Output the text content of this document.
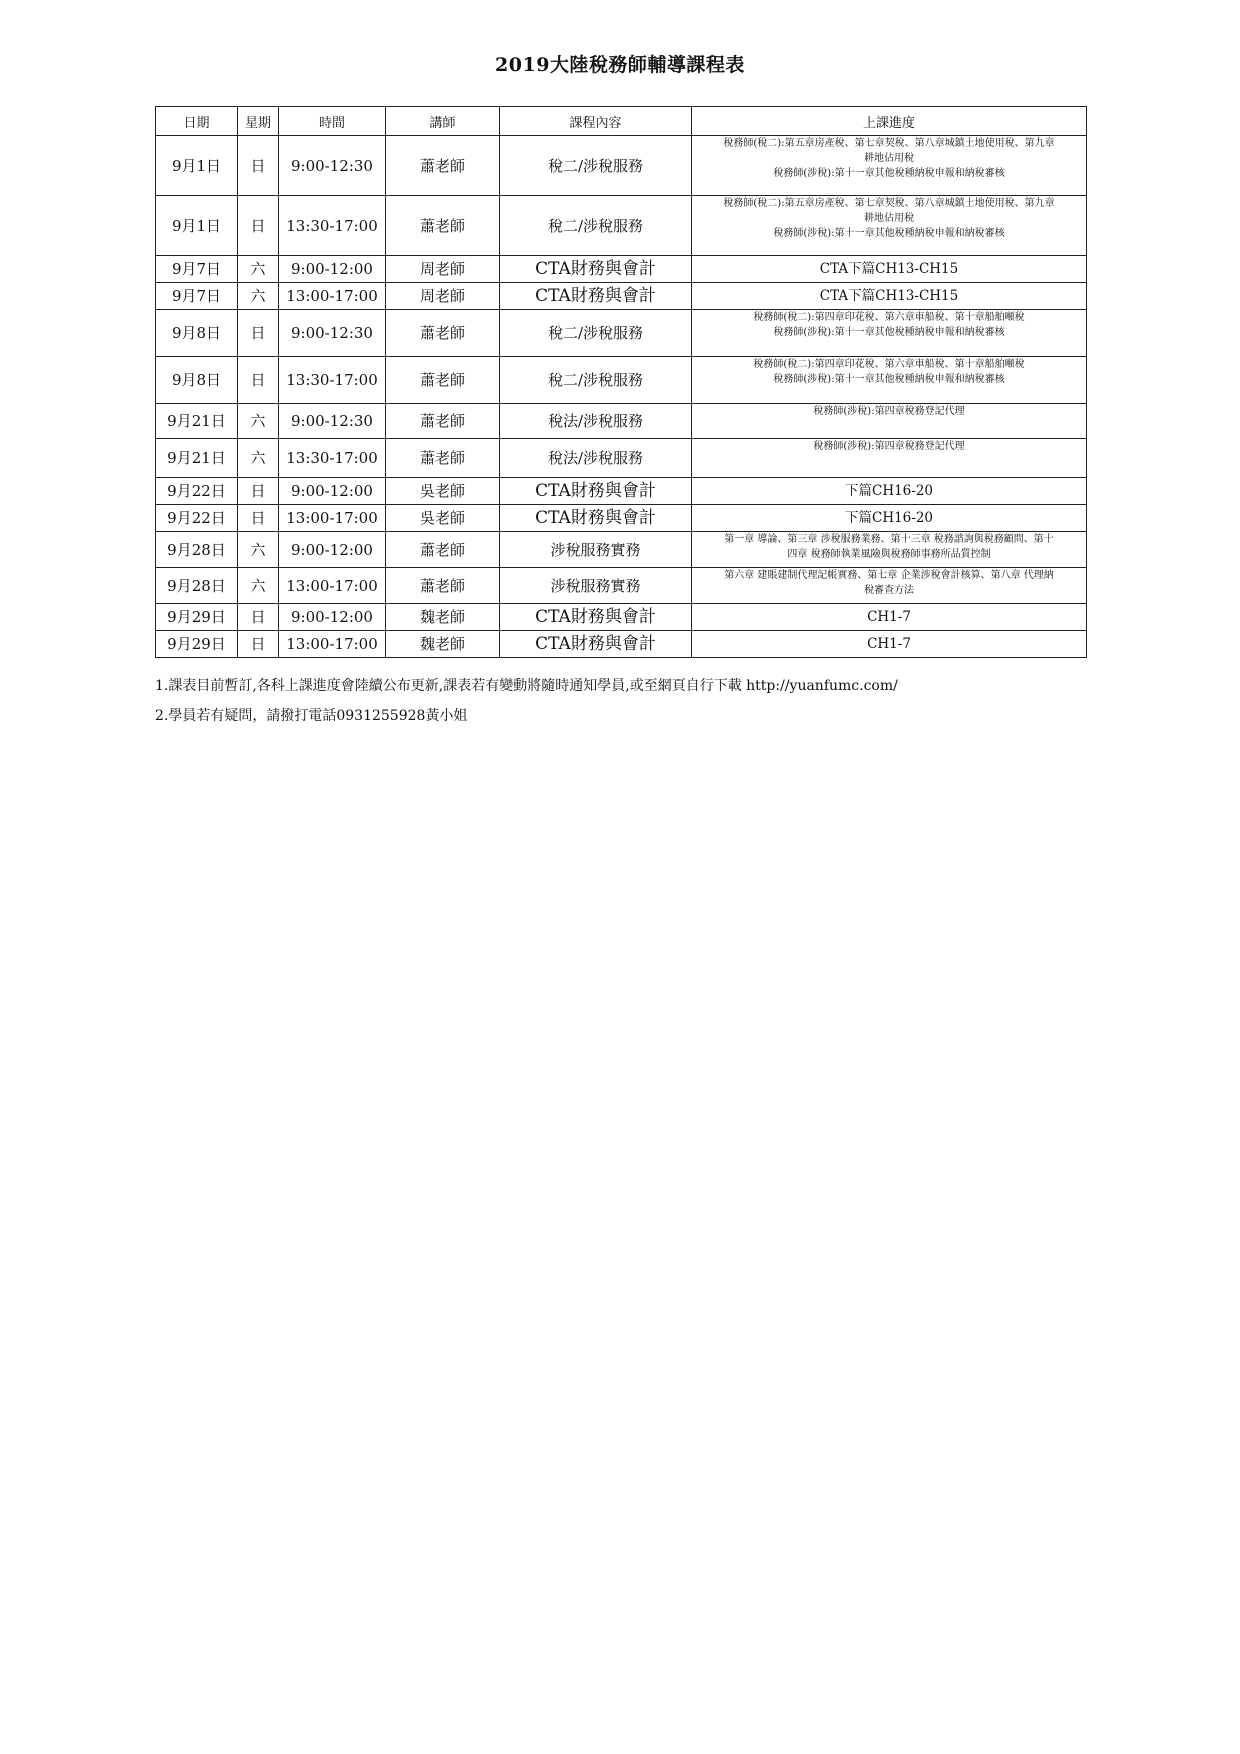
2019大陸稅務師輔導課程表
日期	星期	時間	講師	課程內容	上課進度
9月1日	日	9:00-12:30	蕭老師	稅二/涉稅服務	稅務師(稅二):第五章房產稅、第七章契稅、第八章城鎮土地使用稅、第九章
耕地佔用稅
稅務師(涉稅):第十一章其他稅種納稅申報和納稅審核

9月1日	日	13:30-17:00	蕭老師	稅二/涉稅服務	稅務師(稅二):第五章房產稅、第七章契稅、第八章城鎮土地使用稅、第九章
耕地佔用稅
稅務師(涉稅):第十一章其他稅種納稅申報和納稅審核

9月7日	六	9:00-12:00	周老師	CTA財務與會計	CTA下篇CH13-CH15

9月7日	六	13:00-17:00	周老師	CTA財務與會計	CTA下篇CH13-CH15

9月8日	日	9:00-12:30	蕭老師	稅二/涉稅服務	稅務師(稅二):第四章印花稅、第六章車船稅、第十章船舶噸稅
稅務師(涉稅):第十一章其他稅種納稅申報和納稅審核

9月8日	日	13:30-17:00	蕭老師	稅二/涉稅服務	稅務師(稅二):第四章印花稅、第六章車船稅、第十章船舶噸稅
稅務師(涉稅):第十一章其他稅種納稅申報和納稅審核

9月21日	六	9:00-12:30	蕭老師	稅法/涉稅服務	稅務師(涉稅):第四章稅務登記代理

9月21日	六	13:30-17:00	蕭老師	稅法/涉稅服務	稅務師(涉稅):第四章稅務登記代理

9月22日	日	9:00-12:00	吳老師	CTA財務與會計	下篇CH16-20

9月22日	日	13:00-17:00	吳老師	CTA財務與會計	下篇CH16-20

9月28日	六	9:00-12:00	蕭老師	涉稅服務實務	第一章 導論、第三章 涉稅服務業務、第十三章 稅務諮詢與稅務顧問、第十
四章 稅務師執業風險與稅務師事務所品質控制

9月28日	六	13:00-17:00	蕭老師	涉稅服務實務	第六章 建賬建制代理記帳實務、第七章 企業涉稅會計核算、第八章 代理納
稅審查方法

9月29日	日	9:00-12:00	魏老師	CTA財務與會計	CH1-7

9月29日	日	13:00-17:00	魏老師	CTA財務與會計	CH1-7
1.課表目前暫訂,各科上課進度會陸續公布更新,課表若有變動將隨時通知學員,或至網頁自行下載 http://yuanfumc.com/
2.學員若有疑問，請撥打電話0931255928黃小姐
